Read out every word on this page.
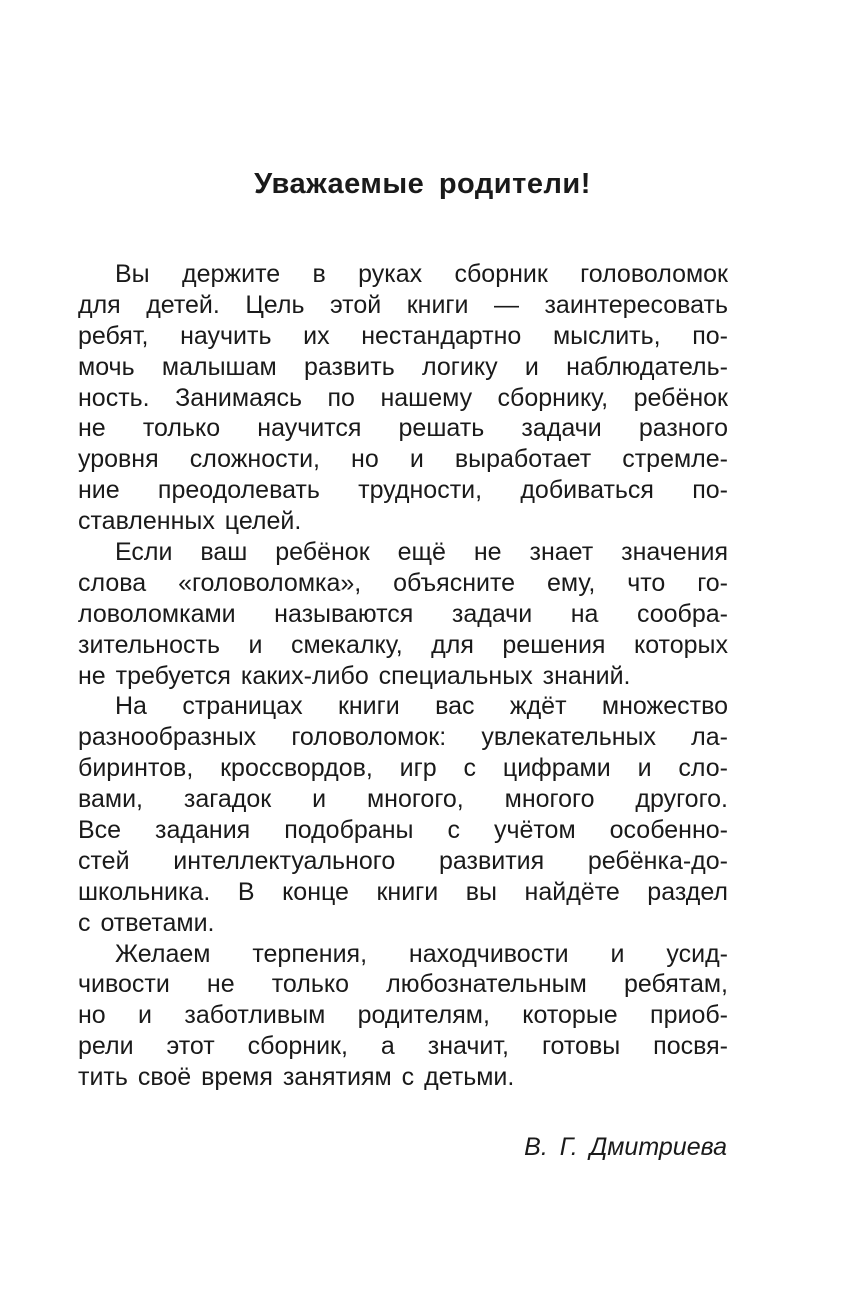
Уважаемые родители!
Вы держите в руках сборник головоломок
для детей. Цель этой книги — заинтересовать
ребят, научить их нестандартно мыслить, по-
мочь малышам развить логику и наблюдатель-
ность. Занимаясь по нашему сборнику, ребёнок
не только научится решать задачи разного
уровня сложности, но и выработает стремле-
ние преодолевать трудности, добиваться по-
ставленных целей.
Если ваш ребёнок ещё не знает значения
слова «головоломка», объясните ему, что го-
ловоломками называются задачи на сообра-
зительность и смекалку, для решения которых
не требуется каких-либо специальных знаний.
На страницах книги вас ждёт множество
разнообразных головоломок: увлекательных ла-
биринтов, кроссвордов, игр с цифрами и сло-
вами, загадок и многого, многого другого.
Все задания подобраны с учётом особенно-
стей интеллектуального развития ребёнка-до-
школьника. В конце книги вы найдёте раздел
с ответами.
Желаем терпения, находчивости и усид-
чивости не только любознательным ребятам,
но и заботливым родителям, которые приоб-
рели этот сборник, а значит, готовы посвя-
тить своё время занятиям с детьми.
В. Г. Дмитриева
